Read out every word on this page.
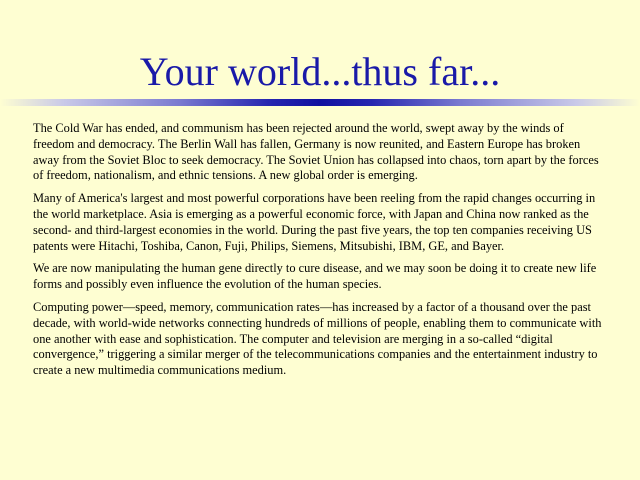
Your world...thus far...

The Cold War has ended, and communism has been rejected around the world, swept away by the winds of freedom and democracy. The Berlin Wall has fallen, Germany is now reunited, and Eastern Europe has broken away from the Soviet Bloc to seek democracy. The Soviet Union has collapsed into chaos, torn apart by the forces of freedom, nationalism, and ethnic tensions. A new global order is emerging.

Many of America's largest and most powerful corporations have been reeling from the rapid changes occurring in the world marketplace. Asia is emerging as a powerful economic force, with Japan and China now ranked as the second- and third-largest economies in the world. During the past five years, the top ten companies receiving US patents were Hitachi, Toshiba, Canon, Fuji, Philips, Siemens, Mitsubishi, IBM, GE, and Bayer.

We are now manipulating the human gene directly to cure disease, and we may soon be doing it to create new life forms and possibly even influence the evolution of the human species.

Computing power—speed, memory, communication rates—has increased by a factor of a thousand over the past decade, with world-wide networks connecting hundreds of millions of people, enabling them to communicate with one another with ease and sophistication. The computer and television are merging in a so-called “digital convergence,” triggering a similar merger of the telecommunications companies and the entertainment industry to create a new multimedia communications medium.
